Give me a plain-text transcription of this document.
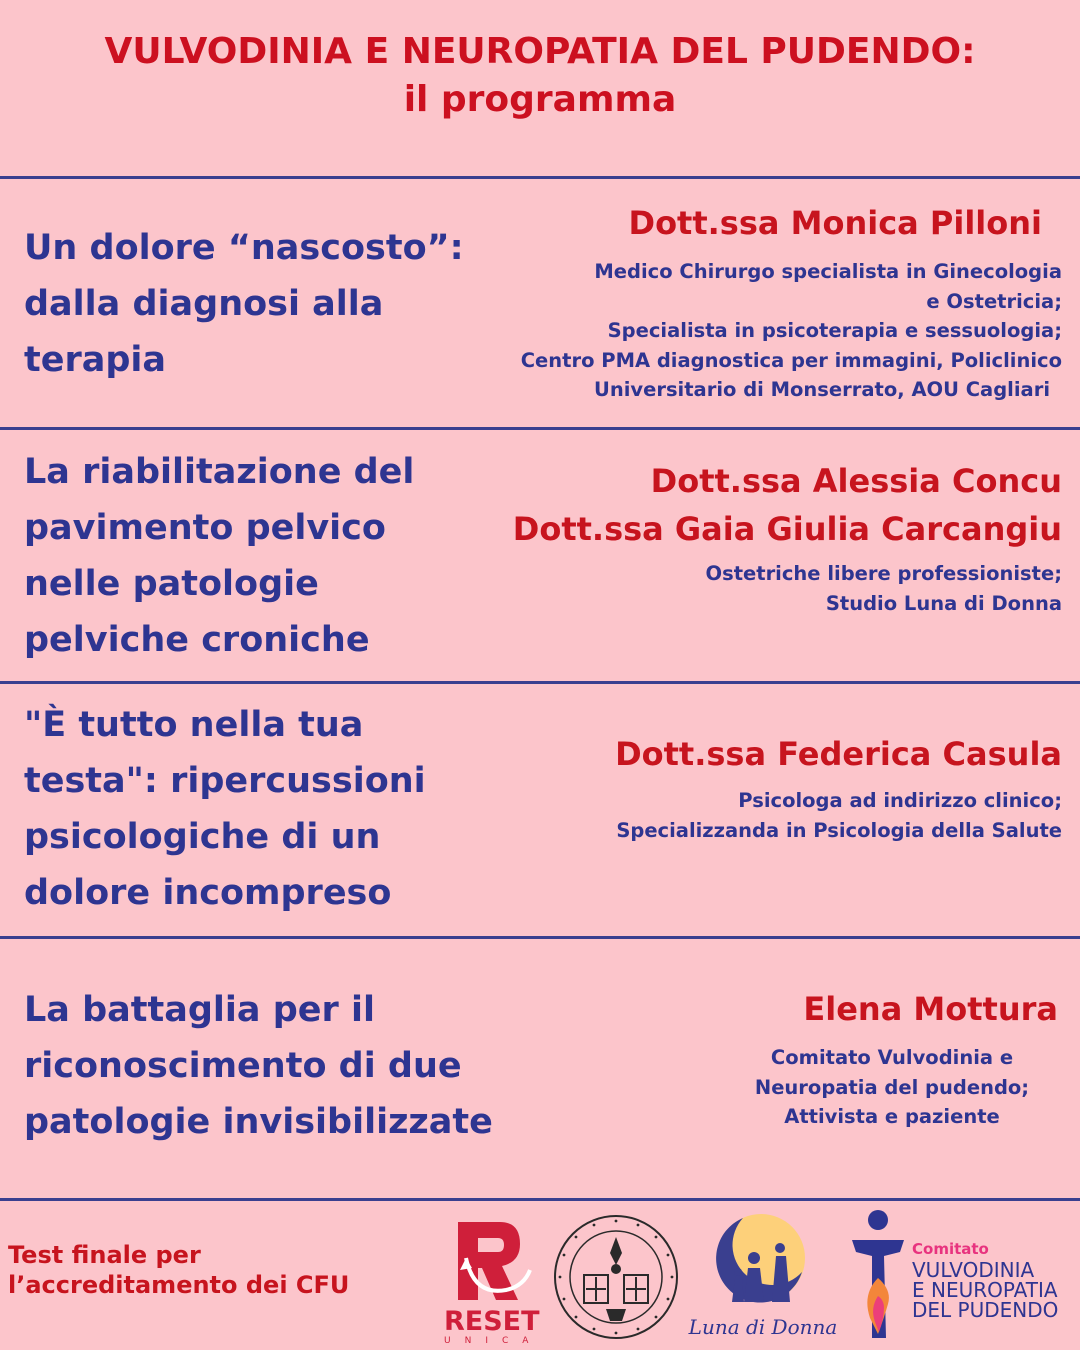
VULVODINIA E NEUROPATIA DEL PUDENDO:
il programma
Un dolore “nascosto”:
dalla diagnosi alla
terapia
Dott.ssa Monica Pilloni
Medico Chirurgo specialista in Ginecologia
e Ostetricia;
Specialista in psicoterapia e sessuologia;
Centro PMA diagnostica per immagini, Policlinico
Universitario di Monserrato, AOU Cagliari
La riabilitazione del
pavimento pelvico
nelle patologie
pelviche croniche
Dott.ssa Alessia Concu
Dott.ssa Gaia Giulia Carcangiu
Ostetriche libere professioniste;
Studio Luna di Donna
"È tutto nella tua
testa": ripercussioni
psicologiche di un
dolore incompreso
Dott.ssa Federica Casula
Psicologa ad indirizzo clinico;
Specializzanda in Psicologia della Salute
La battaglia per il
riconoscimento di due
patologie invisibilizzate
Elena Mottura
Comitato Vulvodinia e
Neuropatia del pudendo;
Attivista e paziente
Test finale per
l’accreditamento dei CFU
RESET
UNICA
Luna di Donna
Comitato
VULVODINIA
E NEUROPATIA
DEL PUDENDO
